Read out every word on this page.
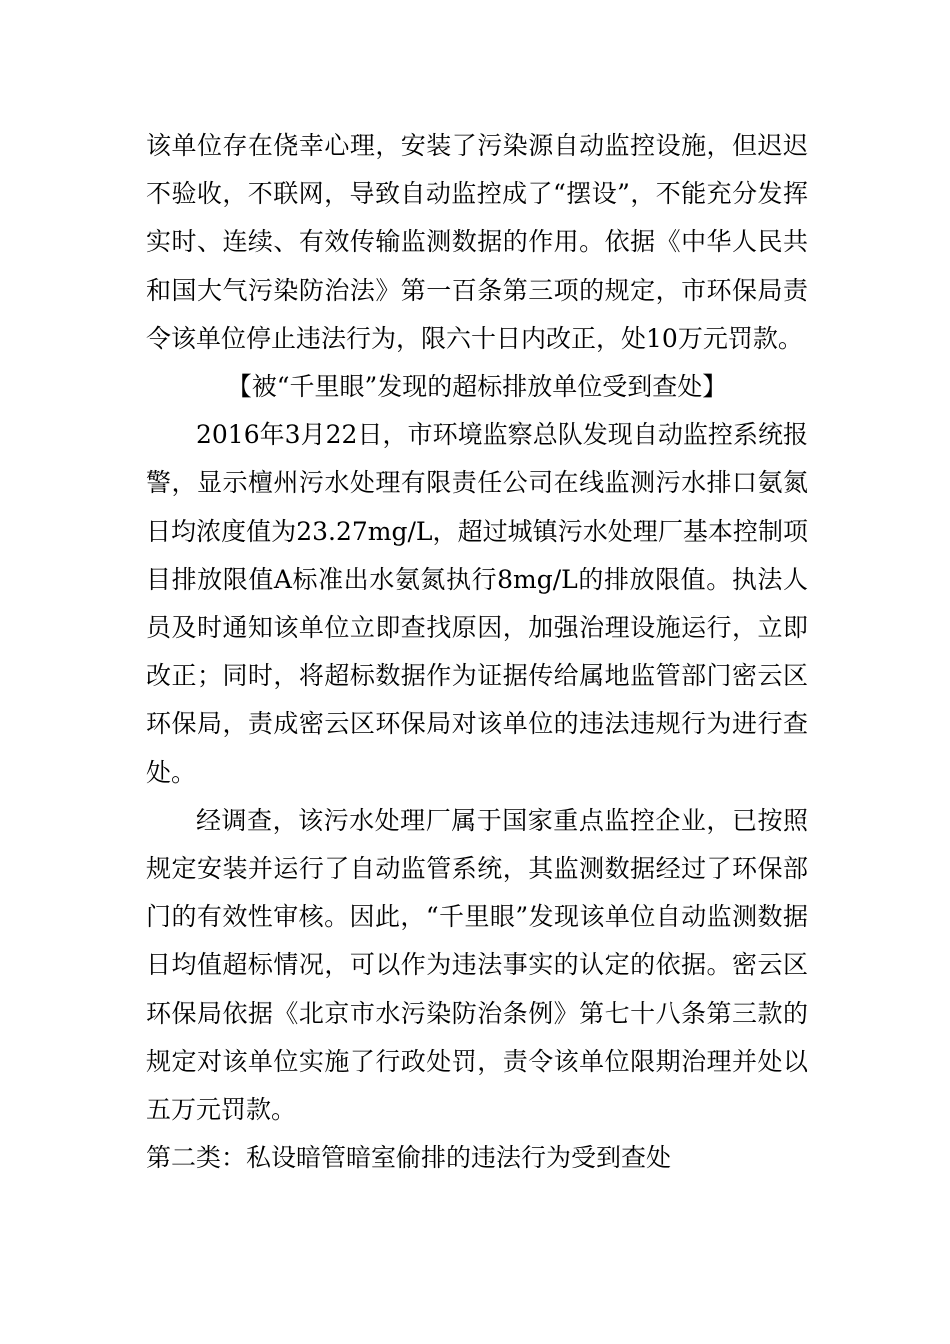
该单位存在侥幸心理，安装了污染源自动监控设施，但迟迟不验收，不联网，导致自动监控成了“摆设”，不能充分发挥实时、连续、有效传输监测数据的作用。依据《中华人民共和国大气污染防治法》第一百条第三项的规定，市环保局责令该单位停止违法行为，限六十日内改正，处10万元罚款。

【被“千里眼”发现的超标排放单位受到查处】

2016年3月22日，市环境监察总队发现自动监控系统报警，显示檀州污水处理有限责任公司在线监测污水排口氨氮日均浓度值为23.27mg/L，超过城镇污水处理厂基本控制项目排放限值A标准出水氨氮执行8mg/L的排放限值。执法人员及时通知该单位立即查找原因，加强治理设施运行，立即改正；同时，将超标数据作为证据传给属地监管部门密云区环保局，责成密云区环保局对该单位的违法违规行为进行查处。

经调查，该污水处理厂属于国家重点监控企业，已按照规定安装并运行了自动监管系统，其监测数据经过了环保部门的有效性审核。因此，“千里眼”发现该单位自动监测数据日均值超标情况，可以作为违法事实的认定的依据。密云区环保局依据《北京市水污染防治条例》第七十八条第三款的规定对该单位实施了行政处罚，责令该单位限期治理并处以五万元罚款。

第二类：私设暗管暗室偷排的违法行为受到查处
